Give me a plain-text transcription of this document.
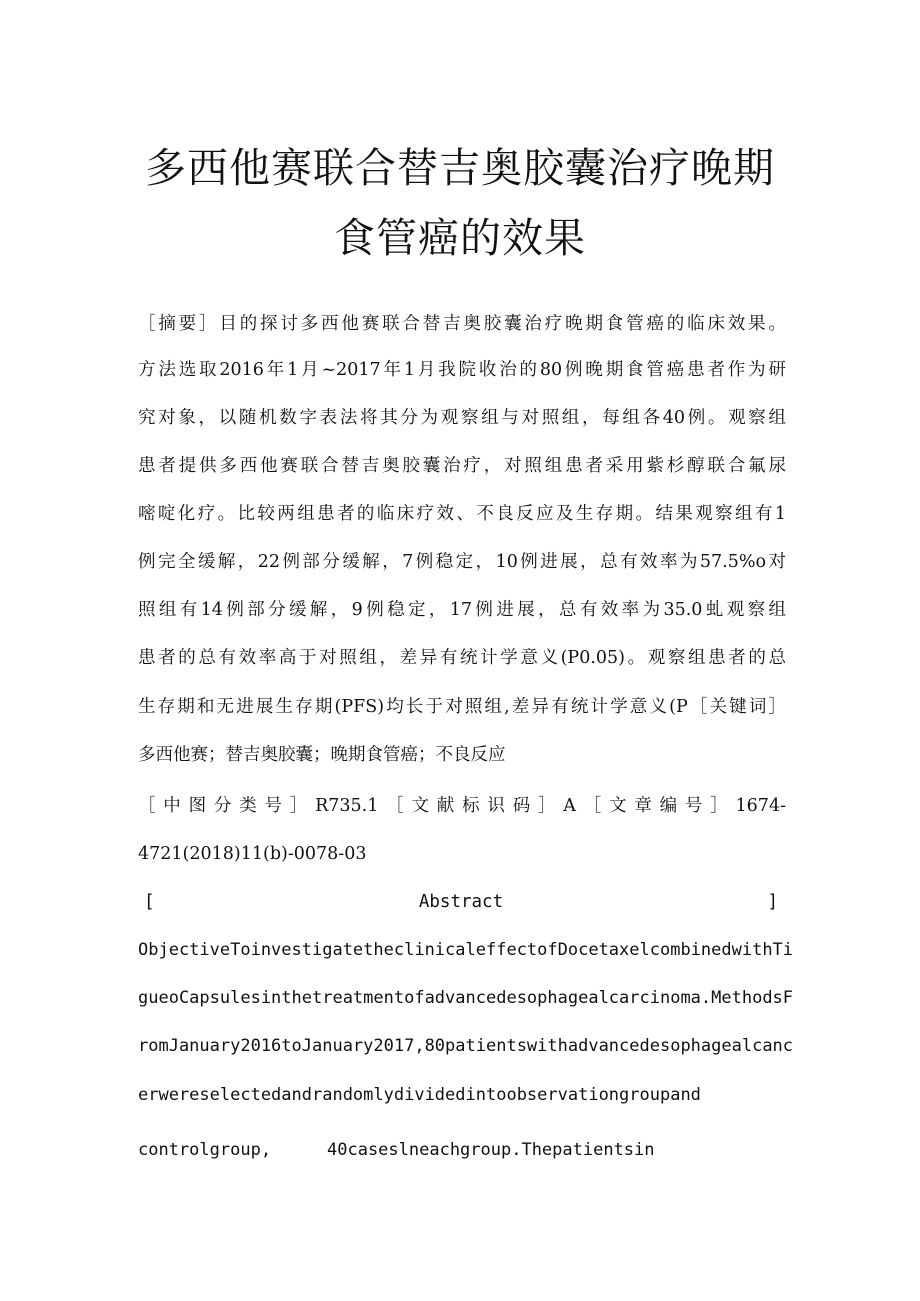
多西他赛联合替吉奥胶囊治疗晚期
食管癌的效果
［摘要］目的探讨多西他赛联合替吉奥胶囊治疗晚期食管癌的临床效果。
方法选取2016年1月~2017年1月我院收治的80例晚期食管癌患者作为研
究对象，以随机数字表法将其分为观察组与对照组，每组各40例。观察组
患者提供多西他赛联合替吉奥胶囊治疗，对照组患者采用紫杉醇联合氟尿
嘧啶化疗。比较两组患者的临床疗效、不良反应及生存期。结果观察组有1
例完全缓解，22例部分缓解，7例稳定，10例进展，总有效率为57.5%o对
照组有14例部分缓解，9例稳定，17例进展，总有效率为35.0虬观察组
患者的总有效率高于对照组，差异有统计学意义(P0.05)。观察组患者的总
生存期和无进展生存期(PFS)均长于对照组,差异有统计学意义(P［关键词］
多西他赛；替吉奥胶囊；晚期食管癌；不良反应
［中图分类号］R735.1［文献标识码］A［文章编号］1674-
4721(2018)11(b)-0078-03
[	Abstract	]
ObjectiveToinvestigatetheclinicaleffectofDocetaxelcombinedwithTi
gueoCapsulesinthetreatmentofadvancedesophagealcarcinoma.MethodsF
romJanuary2016toJanuary2017,80patientswithadvancedesophagealcanc
erwereselectedandrandomlydividedintoobservationgroupand
controlgroup,	40caseslneachgroup.Thepatientsin
